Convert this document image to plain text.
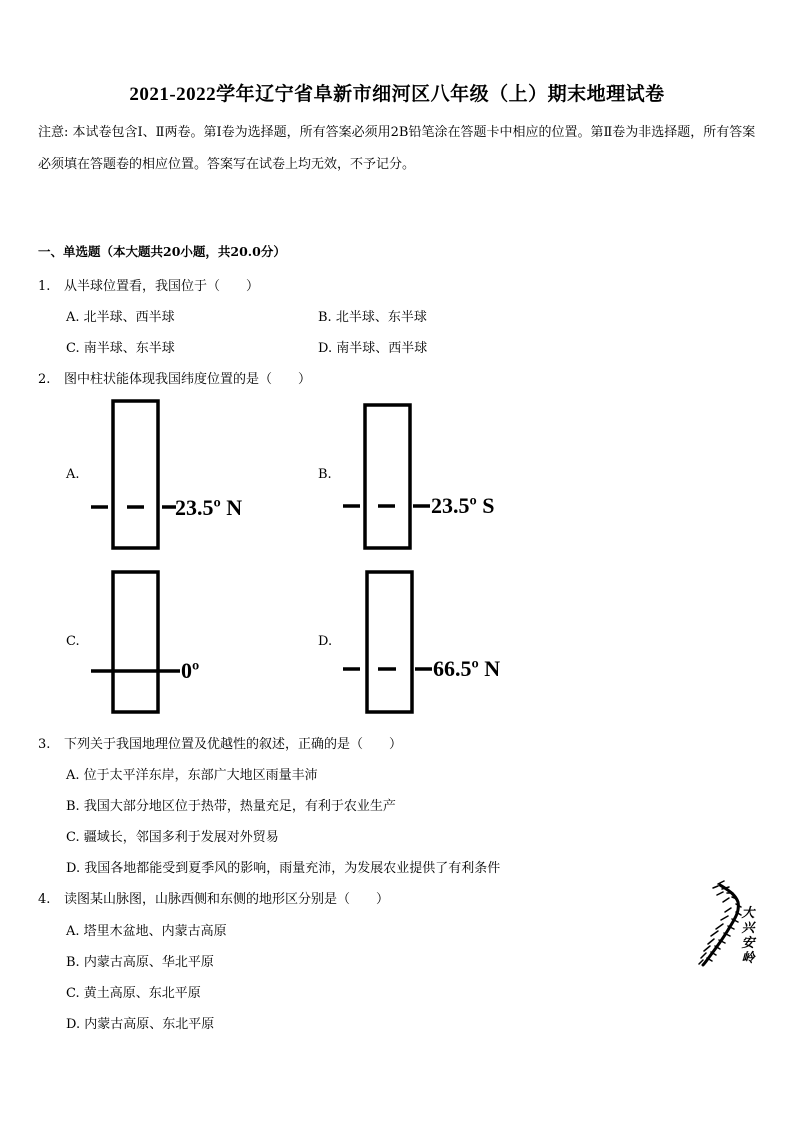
2021-2022学年辽宁省阜新市细河区八年级（上）期末地理试卷
注意: 本试卷包含Ⅰ、Ⅱ两卷。第Ⅰ卷为选择题，所有答案必须用2B铅笔涂在答题卡中相应的位置。第Ⅱ卷为非选择题，所有答案必须填在答题卷的相应位置。答案写在试卷上均无效，不予记分。
一、单选题（本大题共20小题，共20.0分）
1. 从半球位置看，我国位于（　　）
A. 北半球、西半球	B. 北半球、东半球
C. 南半球、东半球	D. 南半球、西半球
2. 图中柱状能体现我国纬度位置的是（　　）
A.	B.
C.	D.
23.5º N	23.5º S
0º	66.5º N
大兴安岭
3. 下列关于我国地理位置及优越性的叙述，正确的是（　　）
A. 位于太平洋东岸，东部广大地区雨量丰沛
B. 我国大部分地区位于热带，热量充足，有利于农业生产
C. 疆域长，邻国多利于发展对外贸易
D. 我国各地都能受到夏季风的影响，雨量充沛，为发展农业提供了有利条件
4. 读图某山脉图，山脉西侧和东侧的地形区分别是（　　）
A. 塔里木盆地、内蒙古高原
B. 内蒙古高原、华北平原
C. 黄土高原、东北平原
D. 内蒙古高原、东北平原
